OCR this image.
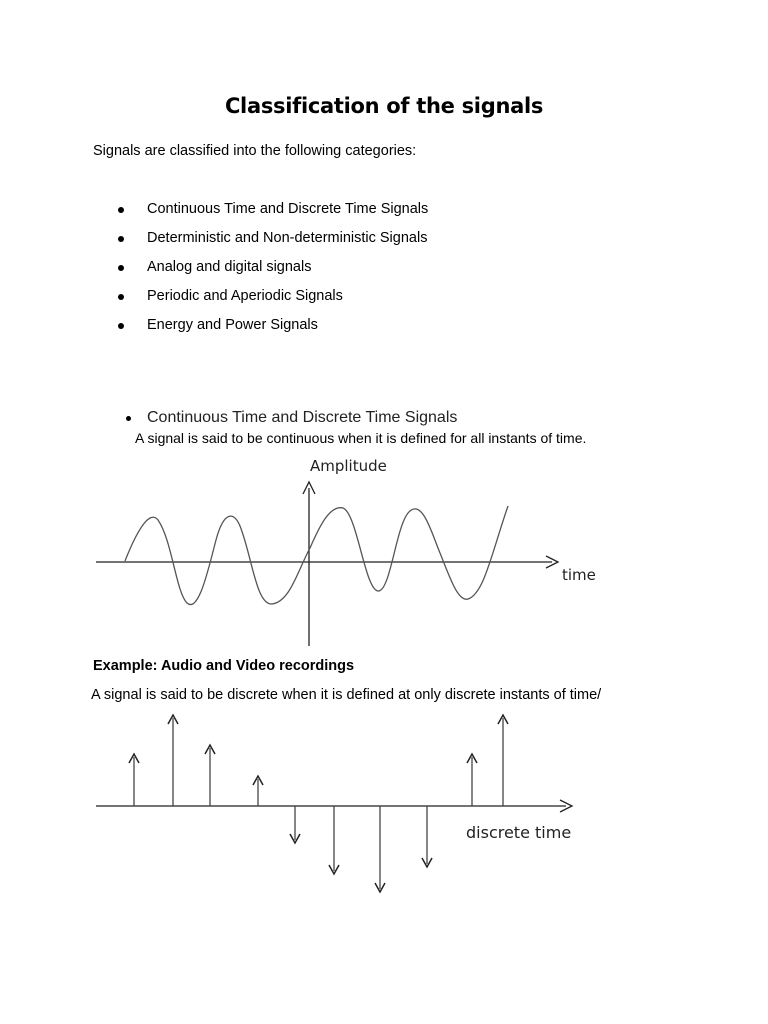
Classification of the signals
Signals are classified into the following categories:
Continuous Time and Discrete Time Signals
Deterministic and Non-deterministic Signals
Analog and digital signals
Periodic and Aperiodic Signals
Energy and Power Signals
Continuous Time and Discrete Time Signals
A signal is said to be continuous when it is defined for all instants of time.
Amplitude
time
Example: Audio and Video recordings
A signal is said to be discrete when it is defined at only discrete instants of time/
discrete time
